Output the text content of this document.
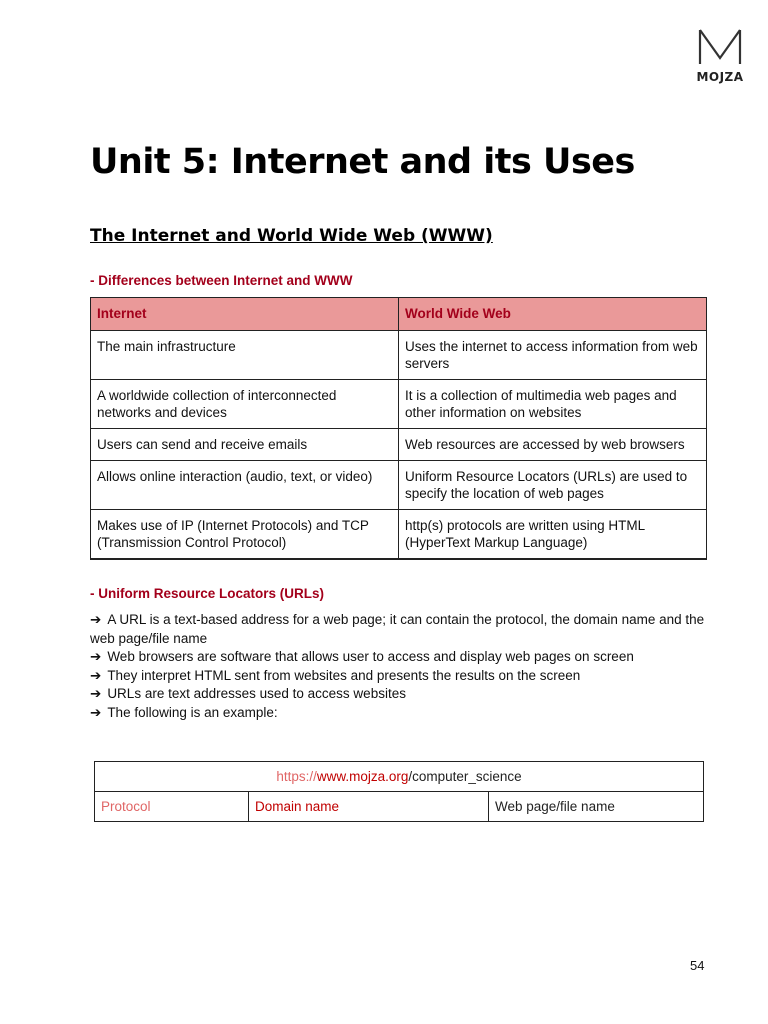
MOJZA
Unit 5: Internet and its Uses
The Internet and World Wide Web (WWW)

- Differences between Internet and WWW

Internet	World Wide Web
The main infrastructure	Uses the internet to access information from web servers
A worldwide collection of interconnected networks and devices	It is a collection of multimedia web pages and other information on websites
Users can send and receive emails	Web resources are accessed by web browsers
Allows online interaction (audio, text, or video)	Uniform Resource Locators (URLs) are used to specify the location of web pages
Makes use of IP (Internet Protocols) and TCP (Transmission Control Protocol)	http(s) protocols are written using HTML (HyperText Markup Language)

- Uniform Resource Locators (URLs)

➔ A URL is a text-based address for a web page; it can contain the protocol, the domain name and the web page/file name
➔ Web browsers are software that allows user to access and display web pages on screen
➔ They interpret HTML sent from websites and presents the results on the screen
➔ URLs are text addresses used to access websites
➔ The following is an example:
https://www.mojza.org/computer_science
Protocol	Domain name	Web page/file name
54
